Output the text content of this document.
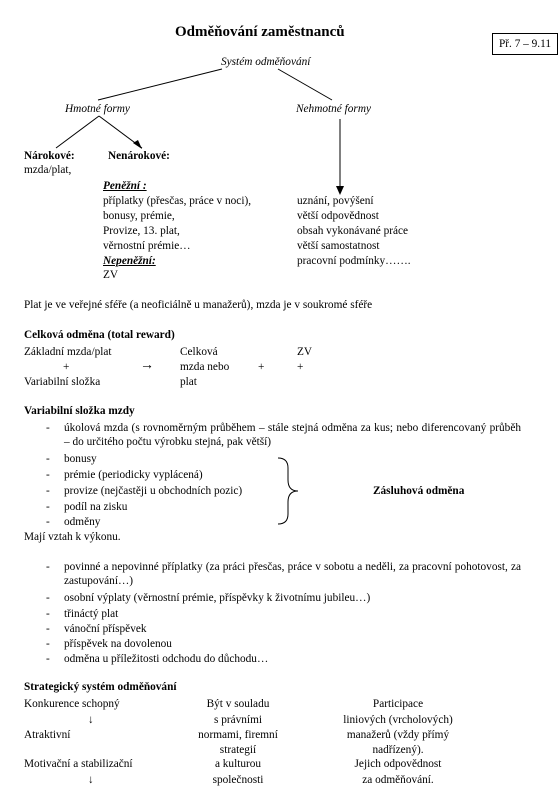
Odměňování zaměstnanců
Př. 7 – 9.11
Systém odměňování
Hmotné formy	Nehmotné formy
Nárokové:
mzda/plat,
Nenárokové:
Peněžní :
příplatky (přesčas, práce v noci),
bonusy, prémie,
Provize, 13. plat,
věrnostní prémie…
Nepeněžní:
ZV
uznání, povýšení
větší odpovědnost
obsah vykonávané práce
větší samostatnost
pracovní podmínky…….
Plat je ve veřejné sféře (a neoficiálně u manažerů), mzda je v soukromé sféře
Celková odměna (total reward)
Základní mzda/plat
+
Variabilní složka
→
Celková
mzda nebo
plat
+
ZV
+
Variabilní složka mzdy
- úkolová mzda (s rovnoměrným průběhem – stále stejná odměna za kus; nebo diferencovaný průběh – do určitého počtu výrobku stejná, pak větší)
- bonusy
- prémie (periodicky vyplácená)
- provize (nejčastěji u obchodních pozic)
- podíl na zisku
- odměny
Zásluhová odměna
Mají vztah k výkonu.
- povinné a nepovinné příplatky (za práci přesčas, práce v sobotu a neděli, za pracovní pohotovost, za zastupování…)
- osobní výplaty (věrnostní prémie, příspěvky k životnímu jubileu…)
- třináctý plat
- vánoční příspěvek
- příspěvek na dovolenou
- odměna u příležitosti odchodu do důchodu…
Strategický systém odměňování
Konkurence schopný
↓
Atraktivní
Motivační a stabilizační
↓
Být v souladu
s právními
normami, firemní
strategií
a kulturou
společnosti
Participace
liniových (vrcholových)
manažerů (vždy přímý
nadřízený).
Jejich odpovědnost
za odměňování.
